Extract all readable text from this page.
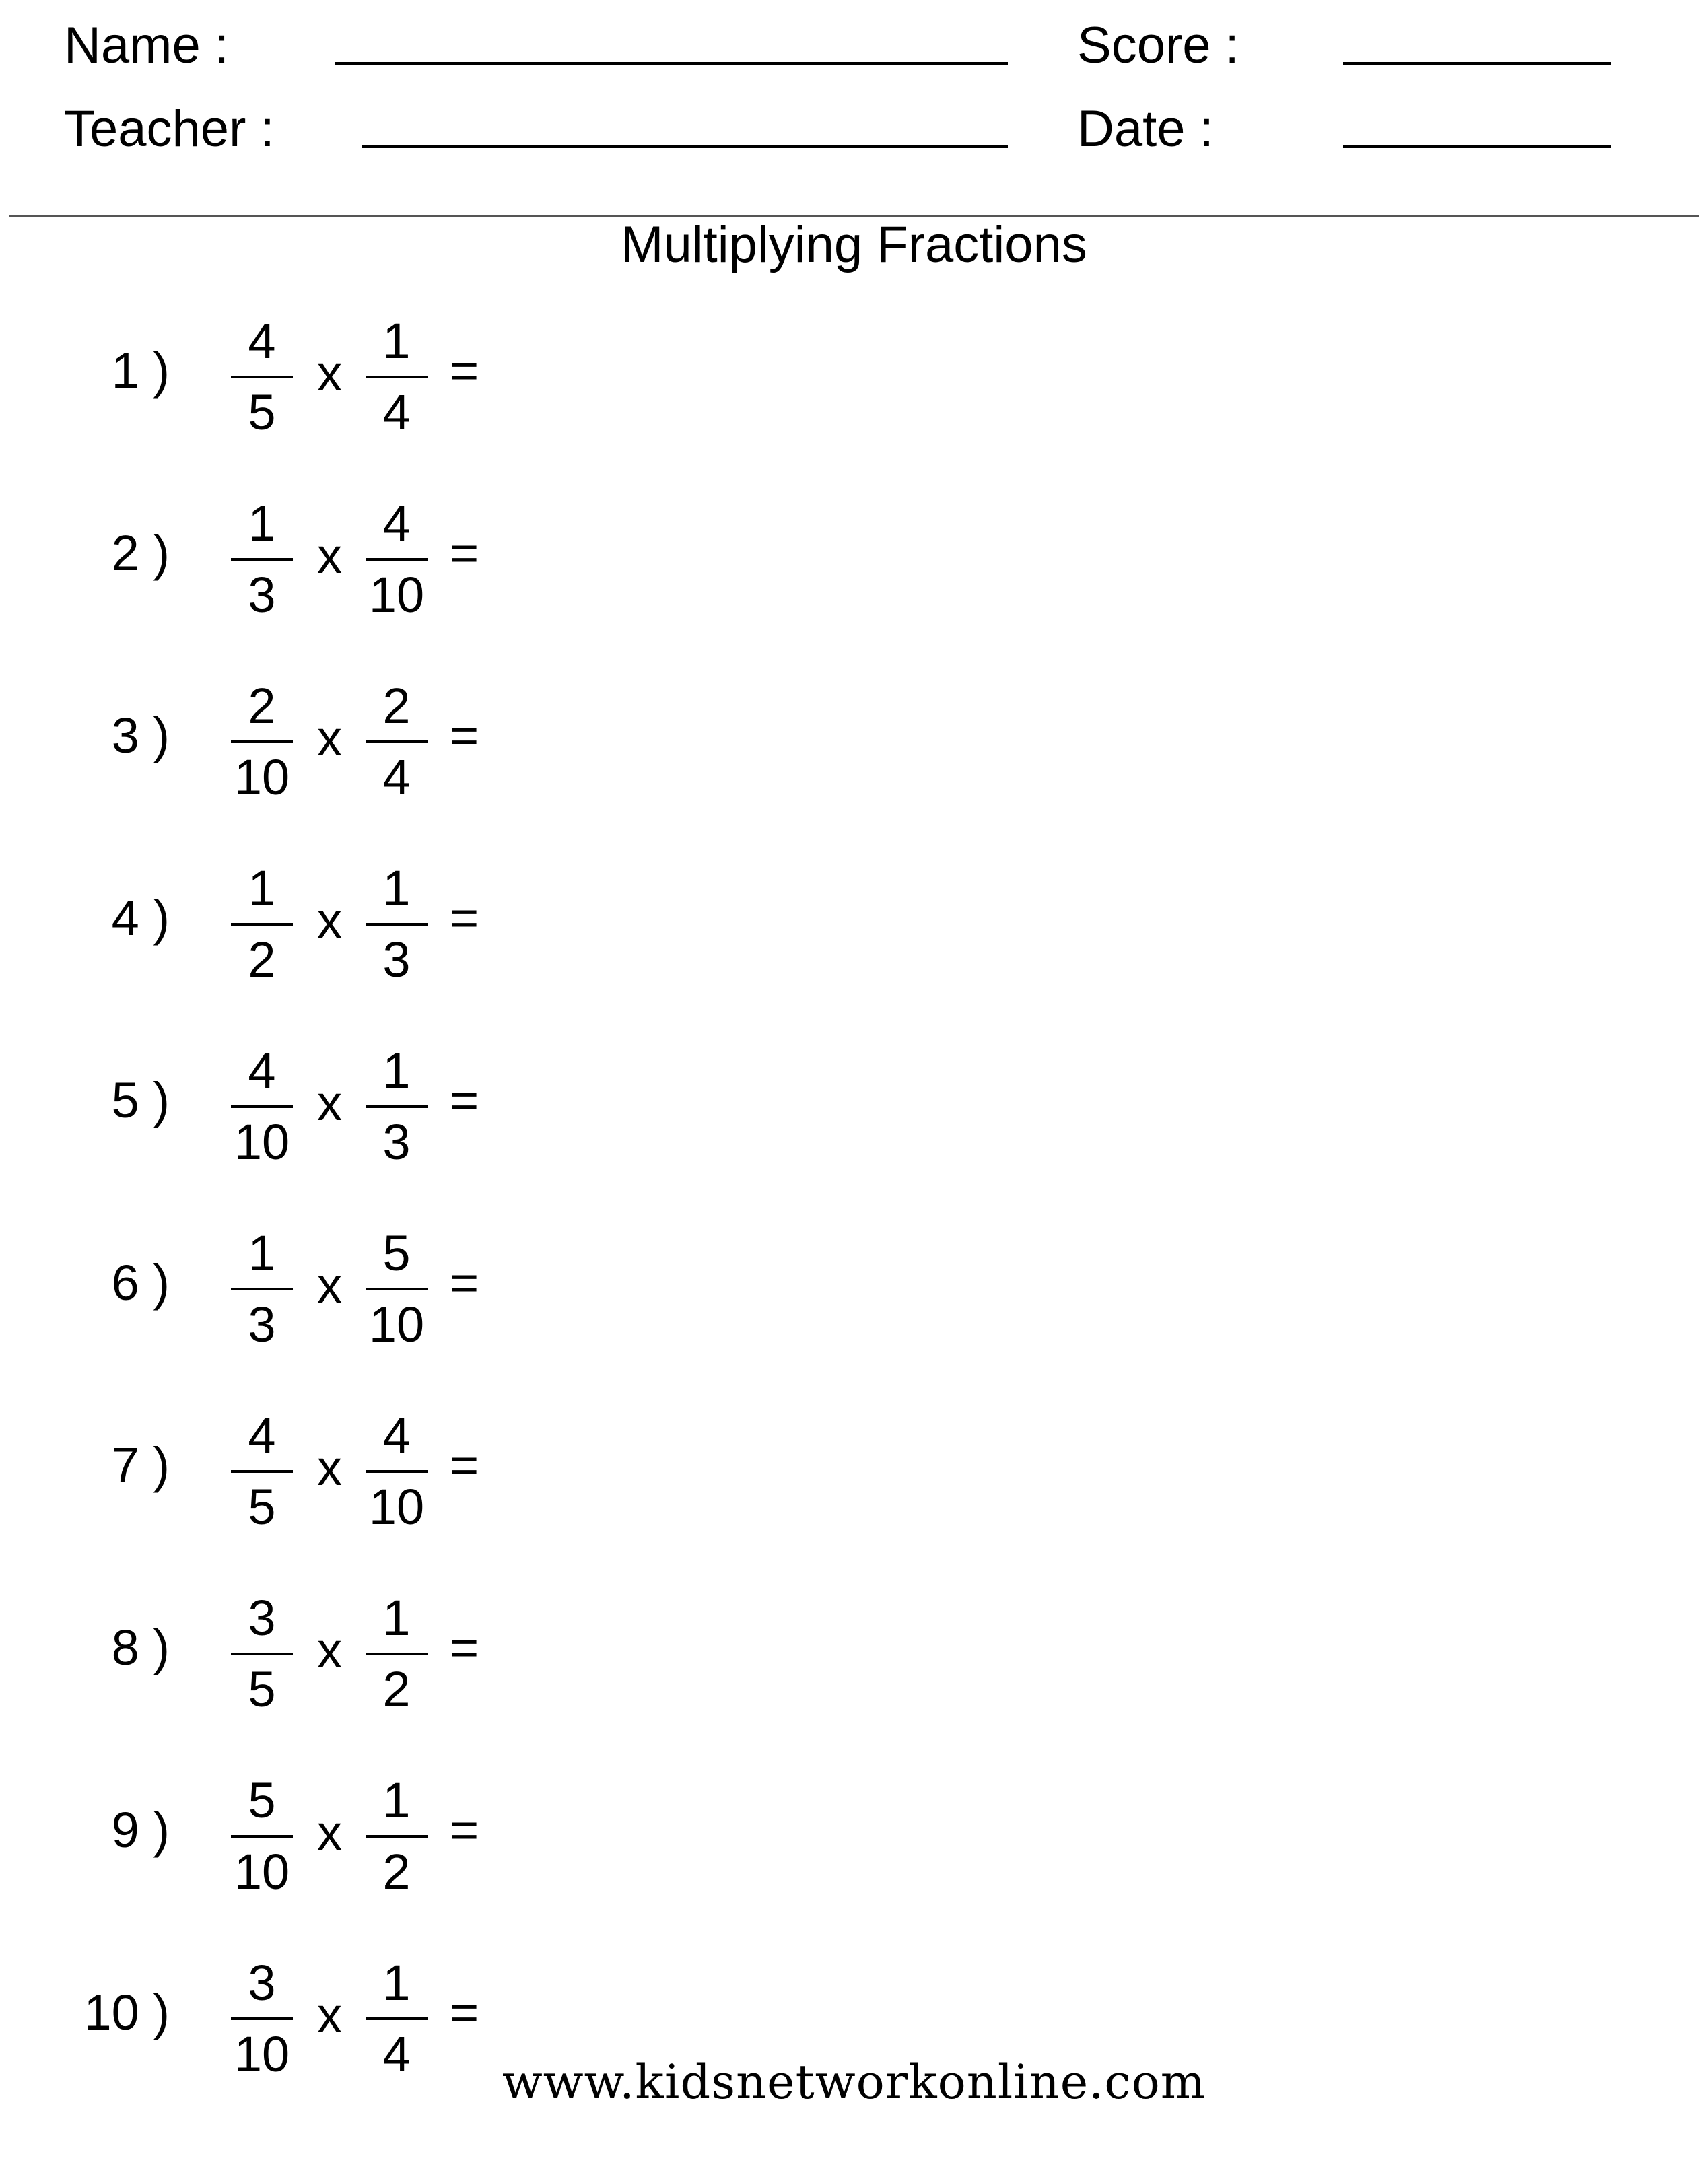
Name :
Teacher :
Score :
Date :
Multiplying Fractions
1 )
4
5
x
1
4
=
2 )
1
3
x
4
10
=
3 )
2
10
x
2
4
=
4 )
1
2
x
1
3
=
5 )
4
10
x
1
3
=
6 )
1
3
x
5
10
=
7 )
4
5
x
4
10
=
8 )
3
5
x
1
2
=
9 )
5
10
x
1
2
=
10 )
3
10
x
1
4
=
www.kidsnetworkonline.com
